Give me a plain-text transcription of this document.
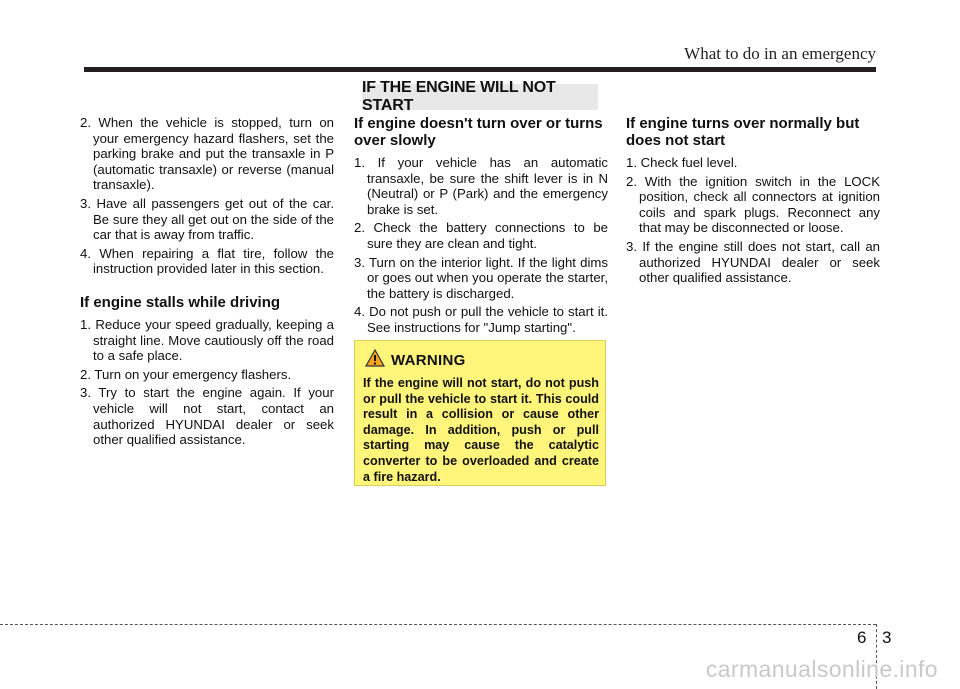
What to do in an emergency
IF THE ENGINE WILL NOT START
2. When the vehicle is stopped, turn on your emergency hazard flashers, set the parking brake and put the transaxle in P (automatic transaxle) or reverse (manual transaxle).
3. Have all passengers get out of the car. Be sure they all get out on the side of the car that is away from traffic.
4. When repairing a flat tire, follow the instruction provided later in this section.
If engine stalls while driving
1. Reduce your speed gradually, keeping a straight line. Move cautiously off the road to a safe place.
2. Turn on your emergency flashers.
3. Try to start the engine again. If your vehicle will not start, contact an authorized HYUNDAI dealer or seek other qualified assistance.
If engine doesn't turn over or turns over slowly
1. If your vehicle has an automatic transaxle, be sure the shift lever is in N (Neutral) or P (Park) and the emergency brake is set.
2. Check the battery connections to be sure they are clean and tight.
3. Turn on the interior light. If the light dims or goes out when you operate the starter, the battery is discharged.
4. Do not push or pull the vehicle to start it. See instructions for "Jump starting".
WARNING
If the engine will not start, do not push or pull the vehicle to start it. This could result in a collision or cause other damage. In addition, push or pull starting may cause the catalytic converter to be overloaded and create a fire hazard.
If engine turns over normally but does not start
1. Check fuel level.
2. With the ignition switch in the LOCK position, check all connectors at ignition coils and spark plugs. Reconnect any that may be disconnected or loose.
3. If the engine still does not start, call an authorized HYUNDAI dealer or seek other qualified assistance.
6 3
carmanualsonline.info
